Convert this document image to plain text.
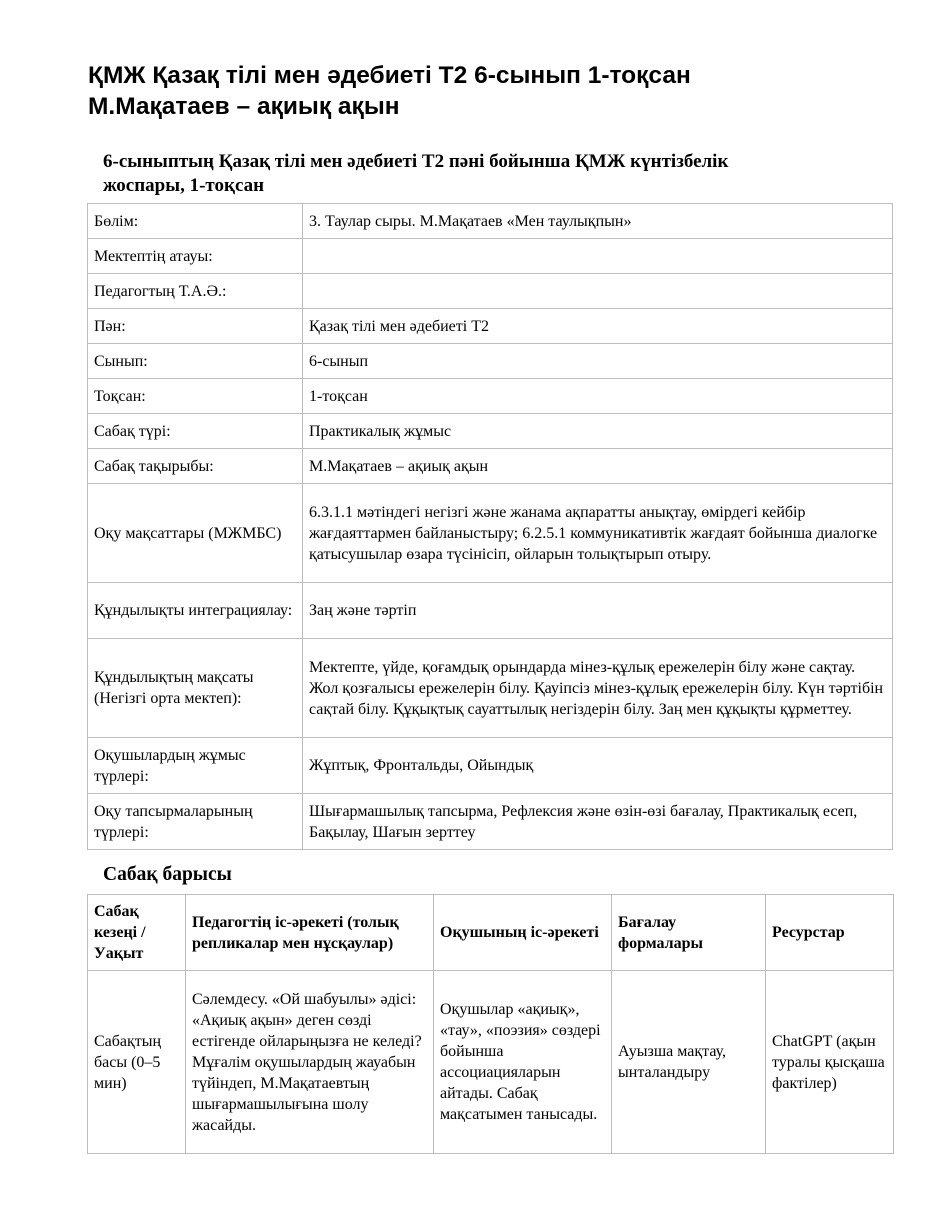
ҚМЖ Қазақ тілі мен әдебиеті Т2 6-сынып 1-тоқсан
М.Мақатаев – ақиық ақын
6-сыныптың Қазақ тілі мен әдебиеті Т2 пәні бойынша ҚМЖ күнтізбелік
жоспары, 1-тоқсан
Бөлім:	3. Таулар сыры. М.Мақатаев «Мен таулықпын»
Мектептің атауы:	
Педагогтың Т.А.Ә.:	
Пән:	Қазақ тілі мен әдебиеті Т2
Сынып:	6-сынып
Тоқсан:	1-тоқсан
Сабақ түрі:	Практикалық жұмыс
Сабақ тақырыбы:	М.Мақатаев – ақиық ақын
Оқу мақсаттары (МЖМБС)	6.3.1.1 мәтіндегі негізгі және жанама ақпаратты анықтау, өмірдегі кейбір жағдаяттармен байланыстыру; 6.2.5.1 коммуникативтік жағдаят бойынша диалогке қатысушылар өзара түсінісіп, ойларын толықтырып отыру.
Құндылықты интеграциялау:	Заң және тәртіп
Құндылықтың мақсаты (Негізгі орта мектеп):	Мектепте, үйде, қоғамдық орындарда мінез-құлық ережелерін білу және сақтау. Жол қозғалысы ережелерін білу. Қауіпсіз мінез-құлық ережелерін білу. Күн тәртібін сақтай білу. Құқықтық сауаттылық негіздерін білу. Заң мен құқықты құрметтеу.
Оқушылардың жұмыс түрлері:	Жұптық, Фронтальды, Ойындық
Оқу тапсырмаларының түрлері:	Шығармашылық тапсырма, Рефлексия және өзін-өзі бағалау, Практикалық есеп, Бақылау, Шағын зерттеу
Сабақ барысы
Сабақ кезеңі / Уақыт	Педагогтің іс-әрекеті (толық репликалар мен нұсқаулар)	Оқушының іс-әрекеті	Бағалау формалары	Ресурстар
Сабақтың басы (0–5 мин)	Сәлемдесу. «Ой шабуылы» әдісі: «Ақиық ақын» деген сөзді естігенде ойларыңызға не келеді? Мұғалім оқушылардың жауабын түйіндеп, М.Мақатаевтың шығармашылығына шолу жасайды.	Оқушылар «ақиық», «тау», «поэзия» сөздері бойынша ассоциацияларын айтады. Сабақ мақсатымен танысады.	Ауызша мақтау, ынталандыру	ChatGPT (ақын туралы қысқаша фактілер)
